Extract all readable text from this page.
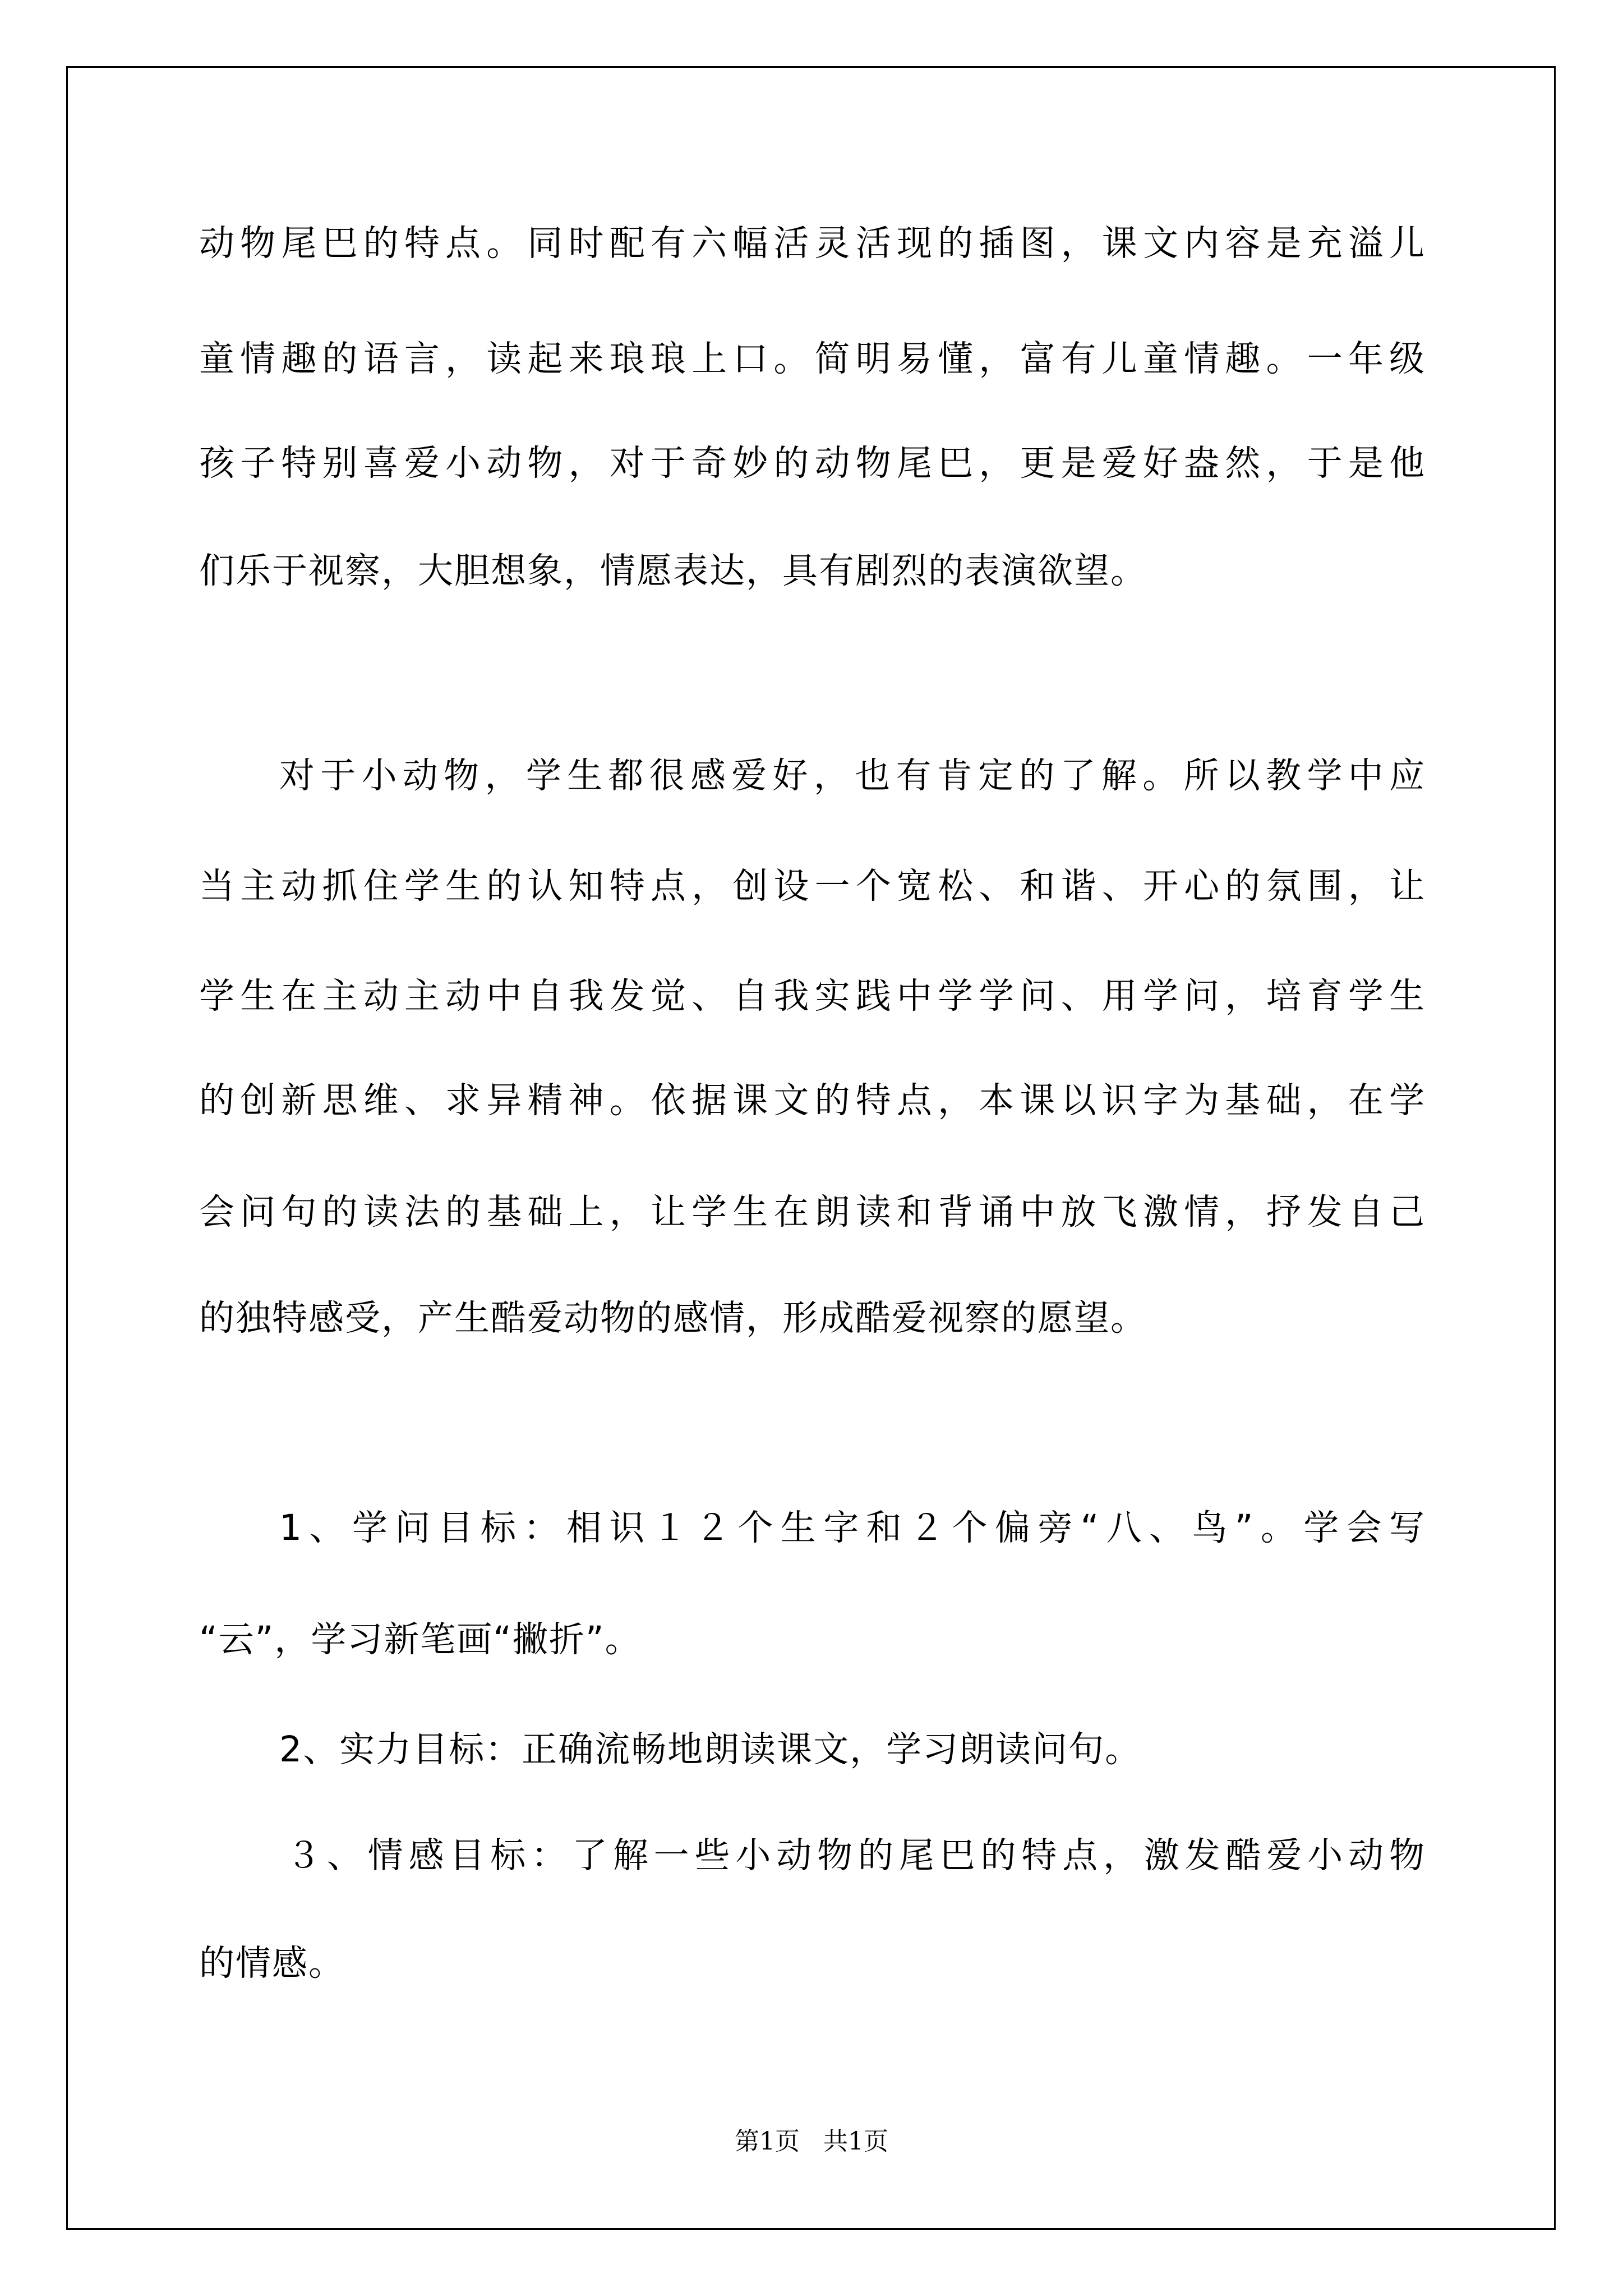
动物尾巴的特点。同时配有六幅活灵活现的插图，课文内容是充溢儿
童情趣的语言，读起来琅琅上口。简明易懂，富有儿童情趣。一年级
孩子特别喜爱小动物，对于奇妙的动物尾巴，更是爱好盎然，于是他
们乐于视察，大胆想象，情愿表达，具有剧烈的表演欲望。
对于小动物，学生都很感爱好，也有肯定的了解。所以教学中应
当主动抓住学生的认知特点，创设一个宽松、和谐、开心的氛围，让
学生在主动主动中自我发觉、自我实践中学学问、用学问，培育学生
的创新思维、求异精神。依据课文的特点，本课以识字为基础，在学
会问句的读法的基础上，让学生在朗读和背诵中放飞激情，抒发自己
的独特感受，产生酷爱动物的感情，形成酷爱视察的愿望。
1、学问目标：相识１２个生字和２个偏旁“八、鸟”。学会写
“云”，学习新笔画“撇折”。
2、实力目标：正确流畅地朗读课文，学习朗读问句。
３、情感目标：了解一些小动物的尾巴的特点，激发酷爱小动物
的情感。
第1页   共1页
